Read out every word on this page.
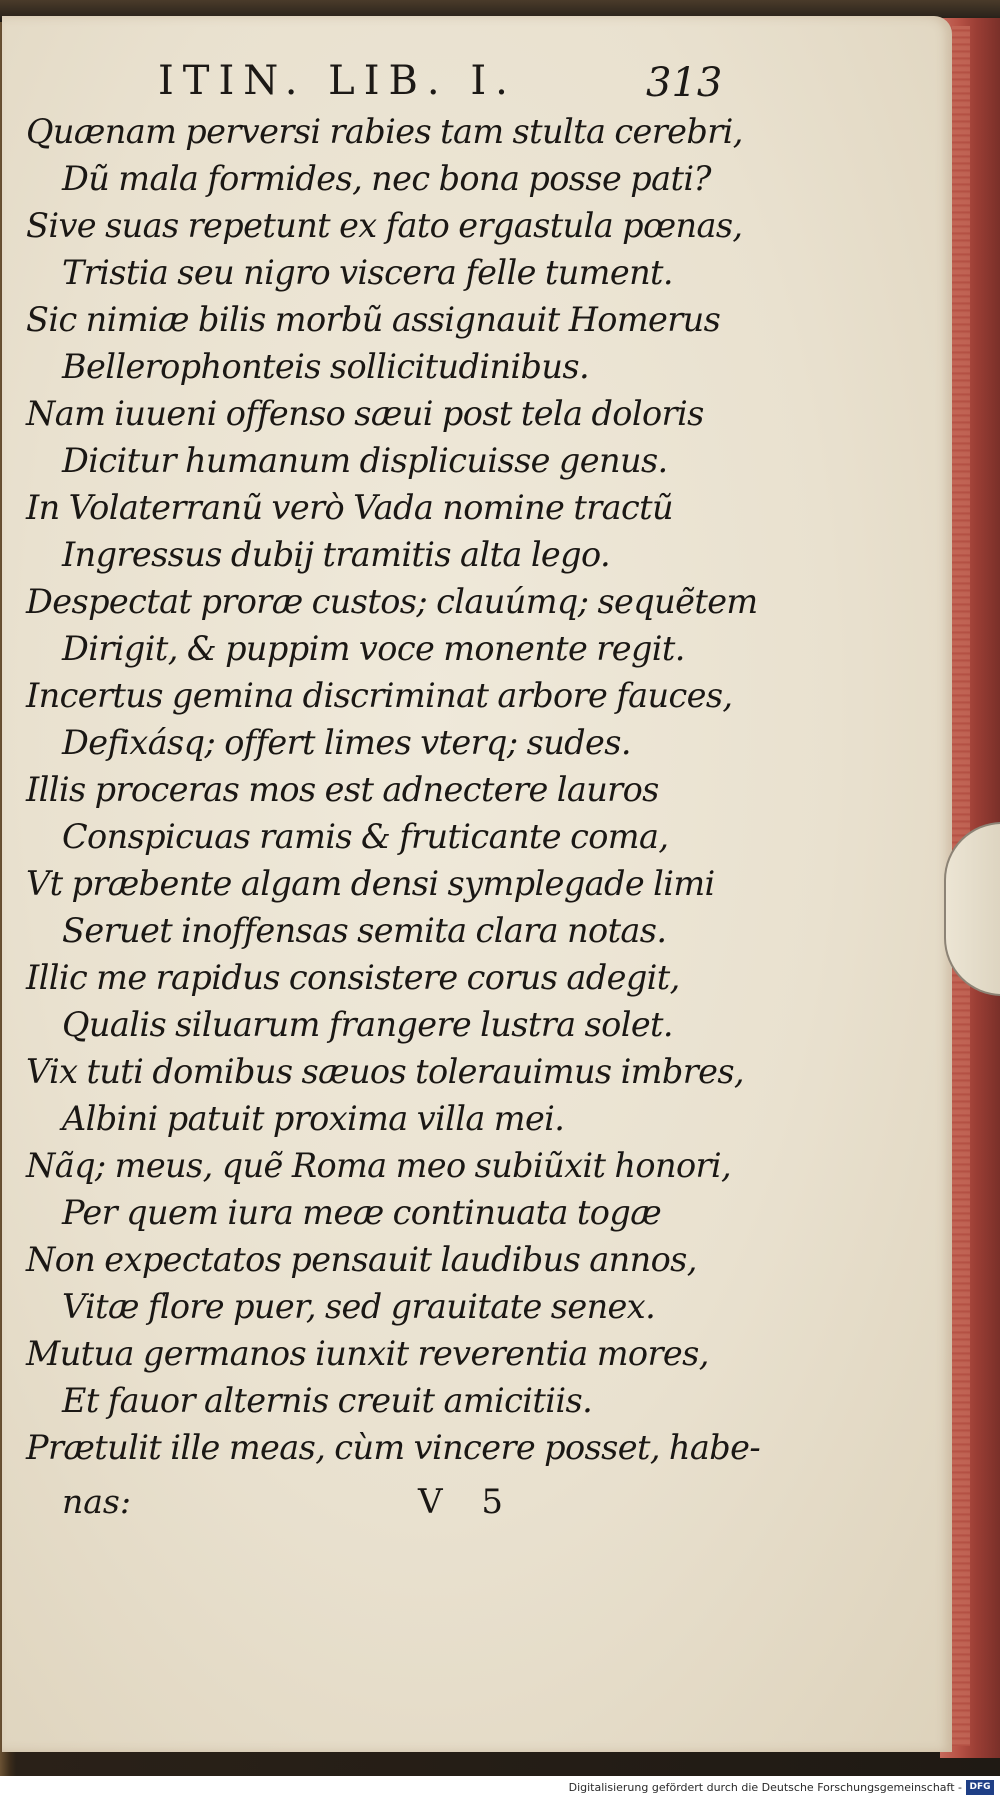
ITIN. LIB. I.	313
Quænam perversi rabies tam stulta cerebri,
Dũ mala formides, nec bona posse pati?
Sive suas repetunt ex fato ergastula pœnas,
Tristia seu nigro viscera felle tument.
Sic nimiæ bilis morbũ assignauit Homerus
Bellerophonteis sollicitudinibus.
Nam iuueni offenso sæui post tela doloris
Dicitur humanum displicuisse genus.
In Volaterranũ verò Vada nomine tractũ
Ingressus dubij tramitis alta lego.
Despectat proræ custos; clauúmq; sequẽtem
Dirigit, & puppim voce monente regit.
Incertus gemina discriminat arbore fauces,
Defixásq; offert limes vterq; sudes.
Illis proceras mos est adnectere lauros
Conspicuas ramis & fruticante coma,
Vt præbente algam densi symplegade limi
Seruet inoffensas semita clara notas.
Illic me rapidus consistere corus adegit,
Qualis siluarum frangere lustra solet.
Vix tuti domibus sæuos tolerauimus imbres,
Albini patuit proxima villa mei.
Nãq; meus, quẽ Roma meo subiũxit honori,
Per quem iura meæ continuata togæ
Non expectatos pensauit laudibus annos,
Vitæ flore puer, sed grauitate senex.
Mutua germanos iunxit reverentia mores,
Et fauor alternis creuit amicitiis.
Prætulit ille meas, cùm vincere posset, habe-
nas:	V 5
Digitalisierung gefördert durch die Deutsche Forschungsgemeinschaft - DFG
